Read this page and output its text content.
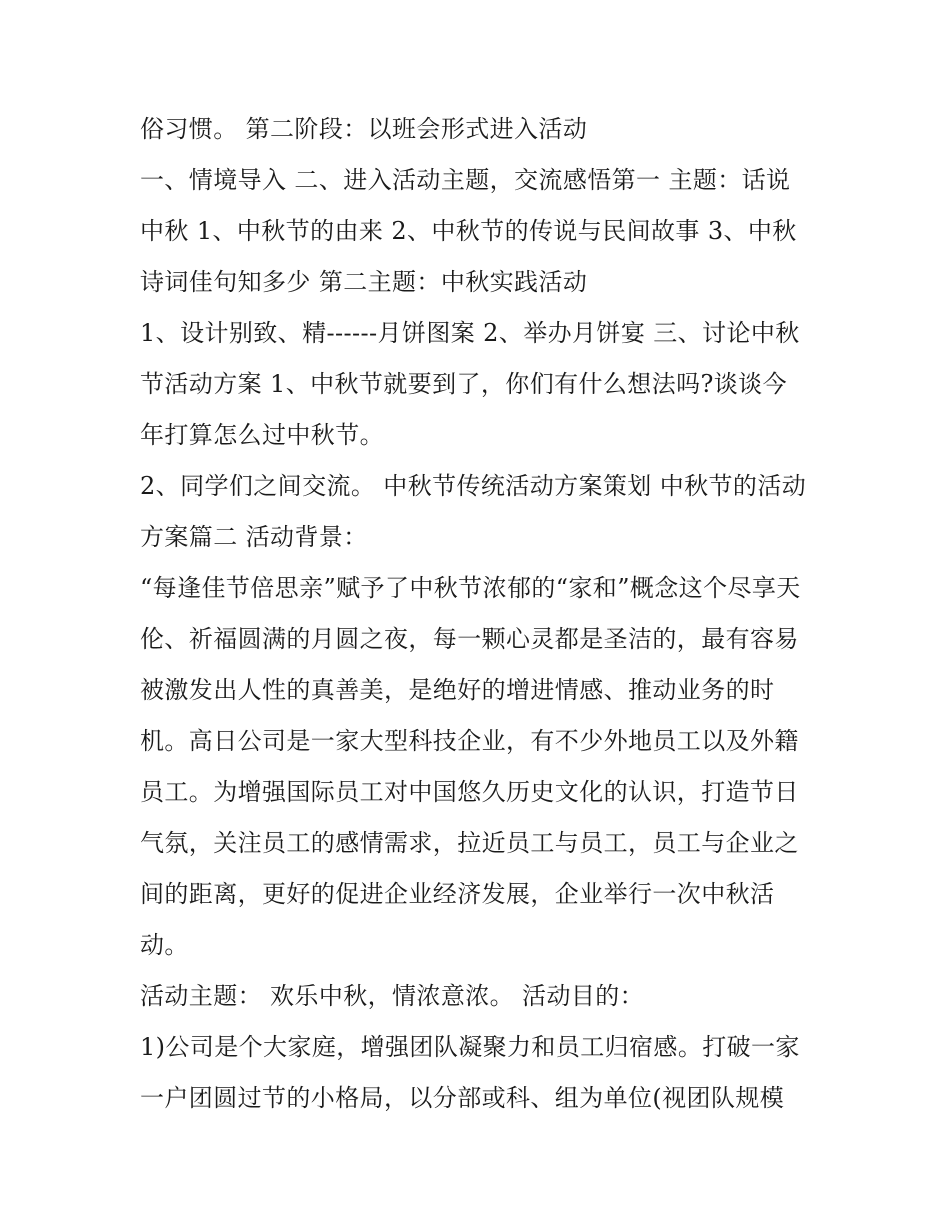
俗习惯。 第二阶段：以班会形式进入活动
一、情境导入 二、进入活动主题，交流感悟第一 主题：话说
中秋 1、中秋节的由来 2、中秋节的传说与民间故事 3、中秋
诗词佳句知多少 第二主题：中秋实践活动
1、设计别致、精------月饼图案 2、举办月饼宴 三、讨论中秋
节活动方案 1、中秋节就要到了，你们有什么想法吗?谈谈今
年打算怎么过中秋节。
2、同学们之间交流。 中秋节传统活动方案策划 中秋节的活动
方案篇二 活动背景：
“每逢佳节倍思亲”赋予了中秋节浓郁的“家和”概念这个尽享天
伦、祈福圆满的月圆之夜，每一颗心灵都是圣洁的，最有容易
被激发出人性的真善美，是绝好的增进情感、推动业务的时
机。高日公司是一家大型科技企业，有不少外地员工以及外籍
员工。为增强国际员工对中国悠久历史文化的认识，打造节日
气氛，关注员工的感情需求，拉近员工与员工，员工与企业之
间的距离，更好的促进企业经济发展，企业举行一次中秋活
动。
活动主题： 欢乐中秋，情浓意浓。 活动目的：
1)公司是个大家庭，增强团队凝聚力和员工归宿感。打破一家
一户团圆过节的小格局，以分部或科、组为单位(视团队规模
